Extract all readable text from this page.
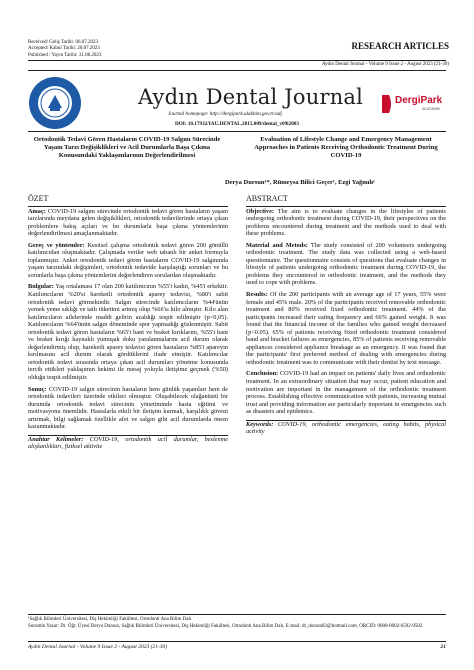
Received/ Geliş Tarihi: 06.07.2023
Accepted/ Kabul Tarihi: 20.07.2023
Published / Yayın Tarihi: 31.08.2023
RESEARCH ARTICLES
Aydın Dental Journal - Volume 9 Issue 2 - August 2023 (21-30)
Aydın Dental Journal
Journal homepage: http://dergipark.ulakbim.gov.tr/adj
DOI: 10.17932/IAU.DENTAL.2015.009/dental_v09i2003
DergiPark
AKADEMİK
Ortodontik Tedavi Gören Hastaların COVID-19 Salgını Sürecinde Yaşam Tarzı Değişiklikleri ve Acil Durumlarla Başa Çıkma Konusundaki Yaklaşımlarının Değerlendirilmesi
Evaluation of Lifestyle Change and Emergency Management Approaches in Patients Receiving Orthodontic Treatment During COVID-19
Derya Dursun¹*, Rümeysa Bilici Geçer¹, Ezgi Yağmılı¹
ÖZET

Amaç: COVID-19 salgını sürecinde ortodontik tedavi gören hastaların yaşam tarzlarında meydana gelen değişiklikleri, ortodontik tedavilerinde ortaya çıkan problemlere bakış açıları ve bu durumlarla başa çıkma yöntemlerinin değerlendirilmesi amaçlanmaktadır.

Gereç ve yöntemler: Kesitsel çalışma ortodontik tedavi gören 200 gönüllü katılımcıdan oluşmaktadır. Çalışmada veriler web tabanlı bir anket formuyla toplanmıştır. Anket ortodontik tedavi gören hastaların COVID-19 salgınında yaşam tarzındaki değişimleri, ortodontik tedavide karşılaştığı sorunları ve bu sorunlarla başa çıkma yöntemlerini değerlendiren sorulardan oluşmaktadır.

Bulgular: Yaş ortalaması 17 olan 200 katılımcının %55'i kadın, %45'i erkektir. Katılımcıların %20'si hareketli ortodontik aparey tedavisi, %80'i sabit ortodontik tedavi görmektedir. Salgın sürecinde katılımcıların %44'ünün yemek yeme sıklığı ve tatlı tüketimi artmış olup %66'sı kilo almıştır. Kilo alan katılımcıların ailelerinde maddi gelirin azaldığı tespit edilmiştir (p<0,05). Katılımcıların %64'ünün salgın döneminde spor yapmadığı gözlenmiştir. Sabit ortodontik tedavi gören hastaların %65'i bant ve braket kırıklarını, %55'i bant ve braket kırığı kaynaklı yumuşak doku yaralanmalarını acil durum olarak değerlendirmiş olup, hareketli aparey tedavisi gören hastaların %85'i apareyin kırılmasını acil durum olarak gördüklerini ifade etmiştir. Katılımcılar ortodontik tedavi sırasında ortaya çıkan acil durumları yönetme konusunda tercih ettikleri yaklaşımın hekimi ile mesaj yoluyla iletişime geçmek (%50) olduğu tespit edilmiştir.

Sonuç: COVID-19 salgın sürecinin hastaların hem günlük yaşamları hem de ortodontik tedavileri üzerinde etkileri olmuştur. Oluşabilecek olağanüstü bir durumda ortodontik tedavi sürecinin yönetiminde hasta eğitimi ve motivasyonu önemlidir. Hastalarla etkili bir iletişim kurmak, karşılıklı güveni artırmak, bilgi sağlamak özellikle afet ve salgın gibi acil durumlarda önem kazanmaktadır.

Anahtar Kelimeler: COVID-19, ortodontik acil durumlar, beslenme alışkanlıkları, fiziksel aktivite

ABSTRACT

Objective: The aim is to evaluate changes in the lifestyles of patients undergoing orthodontic treatment during COVID-19, their perspectives on the problems encountered during treatment and the methods used to deal with these problems.

Material and Metods: The study consisted of 200 volunteers undergoing orthodontic treatment. The study data was collected using a web-based questionnaire. The questionnaire consists of questions that evaluate changes in lifestyle of patients undergoing orthodontic treatment during COVID-19, the problems they encountered in orthodontic treatment, and the methods they used to cope with problems.

Results: Of the 200 participants with an average age of 17 years, 55% were female and 45% male. 20% of the participants received removable orthodontic treatment and 80% received fixed orthodontic treatment. 44% of the participants increased their eating frequency and 66% gained weight. It was found that the financial income of the families who gained weight decreased (p<0.05). 65% of patients receiving fixed orthodontic treatment considered band and bracket failures as emergencies, 85% of patients receiving removable appliances considered appliance breakage as an emergency. It was found that the participants' first preferred method of dealing with emergencies during orthodontic treatment was to communicate with their dentist by text message.

Conclusion: COVID-19 had an impact on patients' daily lives and orthodontic treatment. In an extraordinary situation that may occur, patient education and motivation are important in the management of the orthodontic treatment process. Establishing effective communication with patients, increasing mutual trust and providing information are particularly important in emergencies such as disasters and epidemics.

Keywords: COVID-19, orthodontic emergencies, eating habits, physical activity

¹Sağlık Bilimleri Üniversitesi, Diş Hekimliği Fakültesi, Ortodonti Ana Bilim Dalı
Sorumlu Yazar: Dr. Öğr. Üyesi Derya Dursun, Sağlık Bilimleri Üniversitesi, Diş Hekimliği Fakültesi, Ortodonti Ana Bilim Dalı, E-mail: dt_dursun83@hotmail.com, ORCID: 0000-0002-6592-9502
Aydın Dental Journal - Volume 9 Issue 2 - August 2023 (21-30)	21
